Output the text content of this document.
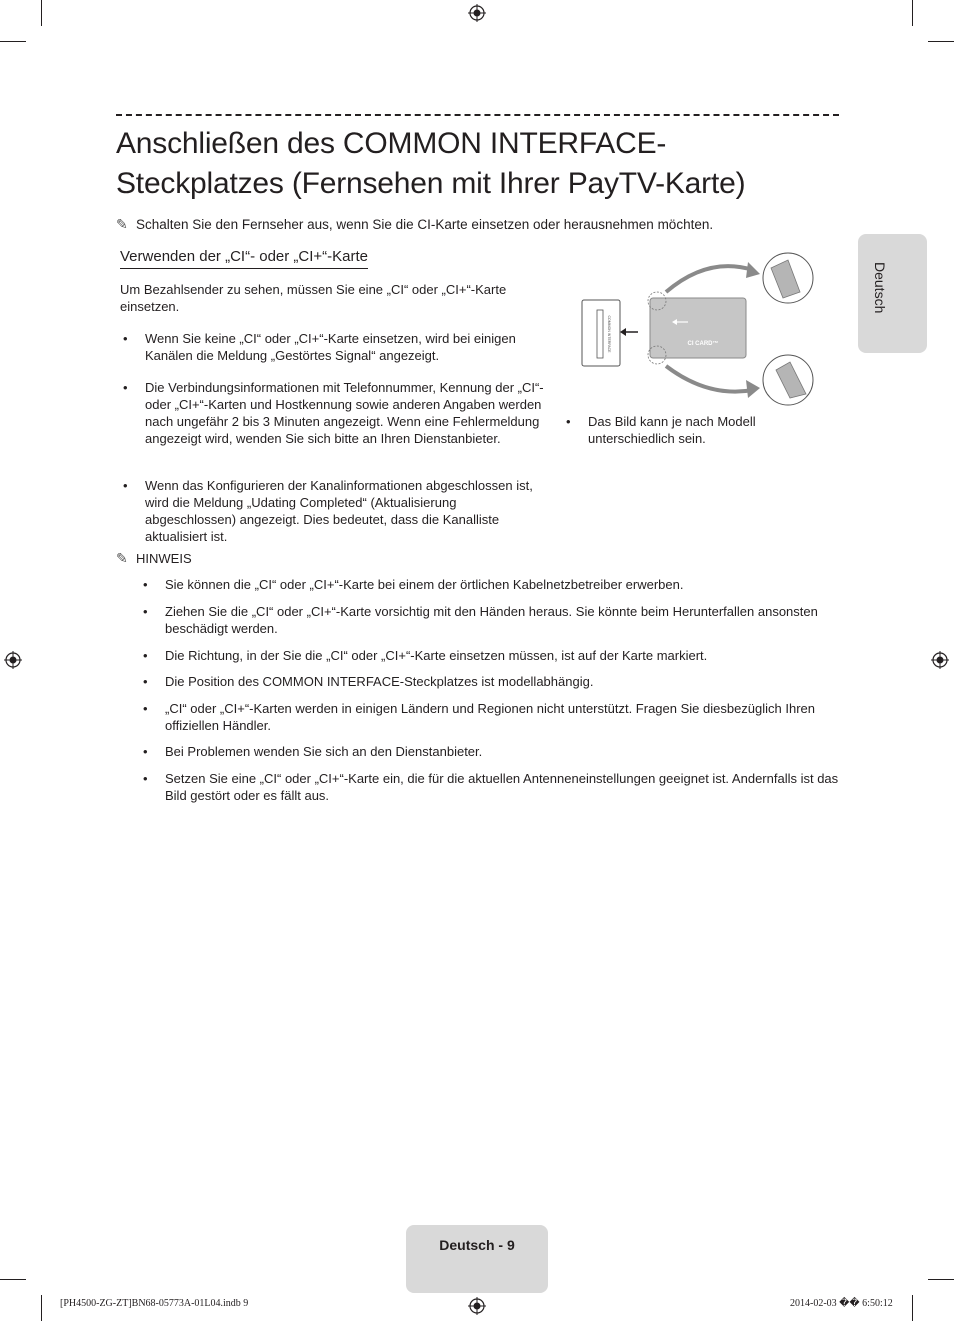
Anschließen des COMMON INTERFACE-
Steckplatzes (Fernsehen mit Ihrer PayTV-Karte)
✎ Schalten Sie den Fernseher aus, wenn Sie die CI-Karte einsetzen oder herausnehmen möchten.
Verwenden der „CI“- oder „CI+“-Karte
Um Bezahlsender zu sehen, müssen Sie eine „CI“ oder „CI+“-Karte einsetzen.
• Wenn Sie keine „CI“ oder „CI+“-Karte einsetzen, wird bei einigen Kanälen die Meldung „Gestörtes Signal“ angezeigt.
• Die Verbindungsinformationen mit Telefonnummer, Kennung der „CI“- oder „CI+“-Karten und Hostkennung sowie anderen Angaben werden nach ungefähr 2 bis 3 Minuten angezeigt. Wenn eine Fehlermeldung angezeigt wird, wenden Sie sich bitte an Ihren Dienstanbieter.
• Wenn das Konfigurieren der Kanalinformationen abgeschlossen ist, wird die Meldung „Udating Completed“ (Aktualisierung abgeschlossen) angezeigt. Dies bedeutet, dass die Kanalliste aktualisiert ist.
COMMON INTERFACE	CI CARD™
• Das Bild kann je nach Modell unterschiedlich sein.
✎ HINWEIS
• Sie können die „CI“ oder „CI+“-Karte bei einem der örtlichen Kabelnetzbetreiber erwerben.
• Ziehen Sie die „CI“ oder „CI+“-Karte vorsichtig mit den Händen heraus. Sie könnte beim Herunterfallen ansonsten beschädigt werden.
• Die Richtung, in der Sie die „CI“ oder „CI+“-Karte einsetzen müssen, ist auf der Karte markiert.
• Die Position des COMMON INTERFACE-Steckplatzes ist modellabhängig.
• „CI“ oder „CI+“-Karten werden in einigen Ländern und Regionen nicht unterstützt. Fragen Sie diesbezüglich Ihren offiziellen Händler.
• Bei Problemen wenden Sie sich an den Dienstanbieter.
• Setzen Sie eine „CI“ oder „CI+“-Karte ein, die für die aktuellen Antenneneinstellungen geeignet ist. Andernfalls ist das Bild gestört oder es fällt aus.
Deutsch
Deutsch - 9
[PH4500-ZG-ZT]BN68-05773A-01L04.indb 9	2014-02-03 �� 6:50:12
